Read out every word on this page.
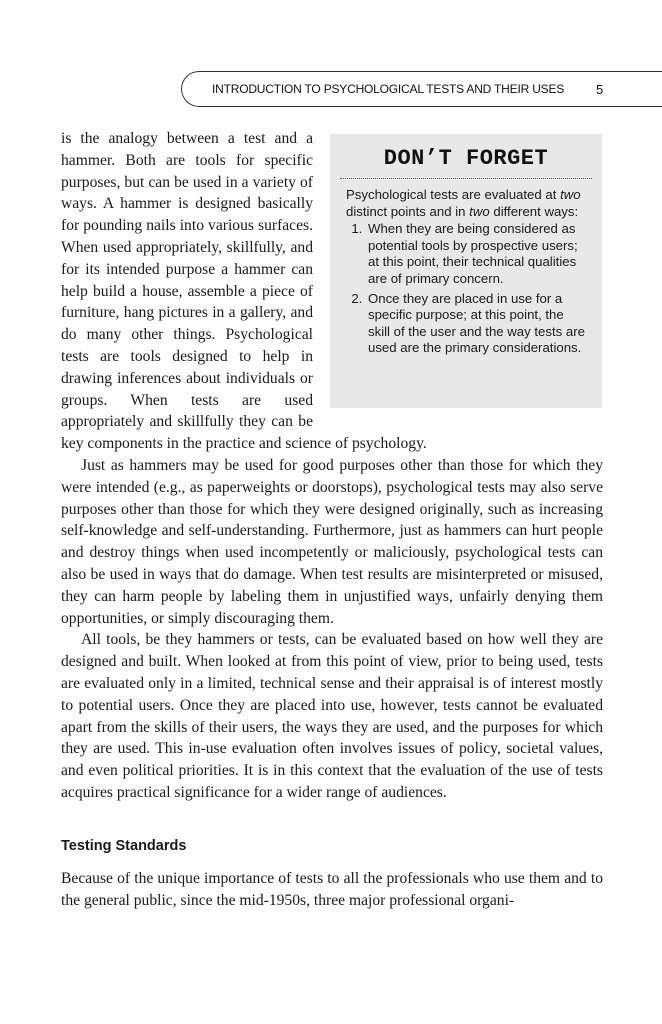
INTRODUCTION TO PSYCHOLOGICAL TESTS AND THEIR USES 5

is the analogy between a test and a hammer. Both are tools for specific purposes, but can be used in a variety of ways. A hammer is designed basically for pounding nails into various surfaces. When used appropriately, skillfully, and for its intended purpose a hammer can help build a house, assemble a piece of furniture, hang pictures in a gallery, and do many other things. Psychological tests are tools designed to help in drawing inferences about individuals or groups. When tests are used appropriately and skillfully they can be key components in the practice and science of psychology.

Just as hammers may be used for good purposes other than those for which they were intended (e.g., as paperweights or doorstops), psychological tests may also serve purposes other than those for which they were designed originally, such as increasing self-knowledge and self-understanding. Furthermore, just as hammers can hurt people and destroy things when used incompetently or maliciously, psychological tests can also be used in ways that do damage. When test results are misinterpreted or misused, they can harm people by labeling them in unjustified ways, unfairly denying them opportunities, or simply discouraging them.

All tools, be they hammers or tests, can be evaluated based on how well they are designed and built. When looked at from this point of view, prior to being used, tests are evaluated only in a limited, technical sense and their appraisal is of interest mostly to potential users. Once they are placed into use, however, tests cannot be evaluated apart from the skills of their users, the ways they are used, and the purposes for which they are used. This in-use evaluation often involves issues of policy, societal values, and even political priorities. It is in this context that the evaluation of the use of tests acquires practical significance for a wider range of audiences.

Testing Standards

Because of the unique importance of tests to all the professionals who use them and to the general public, since the mid-1950s, three major professional organi-

DON’T FORGET

Psychological tests are evaluated at two distinct points and in two different ways:

1. When they are being considered as potential tools by prospective users; at this point, their technical qualities are of primary concern.
2. Once they are placed in use for a specific purpose; at this point, the skill of the user and the way tests are used are the primary considerations.
